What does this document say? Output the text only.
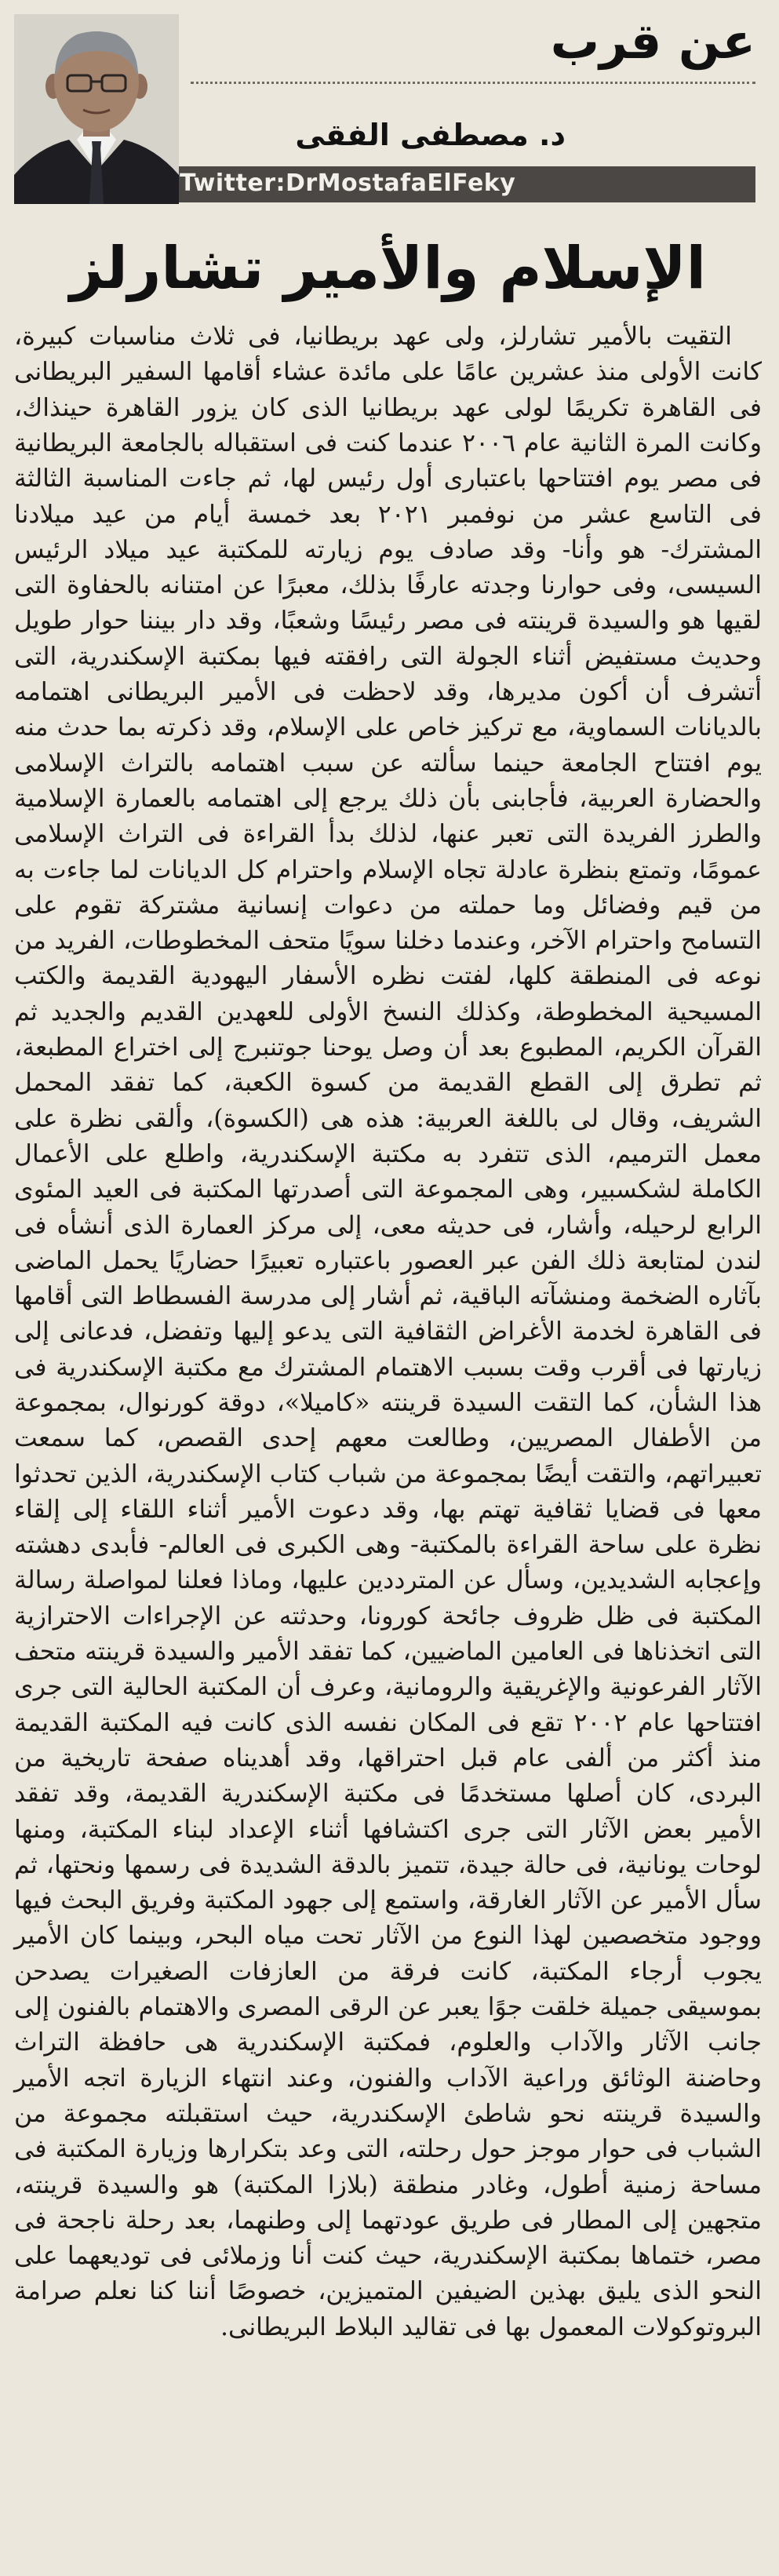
عن قرب
د. مصطفى الفقى
Twitter:DrMostafaElFeky
الإسلام والأمير تشارلز

التقيت بالأمير تشارلز، ولى عهد بريطانيا، فى ثلاث مناسبات كبيرة، كانت الأولى منذ عشرين عامًا على مائدة عشاء أقامها السفير البريطانى فى القاهرة تكريمًا لولى عهد بريطانيا الذى كان يزور القاهرة حينذاك، وكانت المرة الثانية عام ٢٠٠٦ عندما كنت فى استقباله بالجامعة البريطانية فى مصر يوم افتتاحها باعتبارى أول رئيس لها، ثم جاءت المناسبة الثالثة فى التاسع عشر من نوفمبر ٢٠٢١ بعد خمسة أيام من عيد ميلادنا المشترك- هو وأنا- وقد صادف يوم زيارته للمكتبة عيد ميلاد الرئيس السيسى، وفى حوارنا وجدته عارفًا بذلك، معبرًا عن امتنانه بالحفاوة التى لقيها هو والسيدة قرينته فى مصر رئيسًا وشعبًا، وقد دار بيننا حوار طويل وحديث مستفيض أثناء الجولة التى رافقته فيها بمكتبة الإسكندرية، التى أتشرف أن أكون مديرها، وقد لاحظت فى الأمير البريطانى اهتمامه بالديانات السماوية، مع تركيز خاص على الإسلام، وقد ذكرته بما حدث منه يوم افتتاح الجامعة حينما سألته عن سبب اهتمامه بالتراث الإسلامى والحضارة العربية، فأجابنى بأن ذلك يرجع إلى اهتمامه بالعمارة الإسلامية والطرز الفريدة التى تعبر عنها، لذلك بدأ القراءة فى التراث الإسلامى عمومًا، وتمتع بنظرة عادلة تجاه الإسلام واحترام كل الديانات لما جاءت به من قيم وفضائل وما حملته من دعوات إنسانية مشتركة تقوم على التسامح واحترام الآخر، وعندما دخلنا سويًا متحف المخطوطات، الفريد من نوعه فى المنطقة كلها، لفتت نظره الأسفار اليهودية القديمة والكتب المسيحية المخطوطة، وكذلك النسخ الأولى للعهدين القديم والجديد ثم القرآن الكريم، المطبوع بعد أن وصل يوحنا جوتنبرج إلى اختراع المطبعة، ثم تطرق إلى القطع القديمة من كسوة الكعبة، كما تفقد المحمل الشريف، وقال لى باللغة العربية: هذه هى (الكسوة)، وألقى نظرة على معمل الترميم، الذى تتفرد به مكتبة الإسكندرية، واطلع على الأعمال الكاملة لشكسبير، وهى المجموعة التى أصدرتها المكتبة فى العيد المئوى الرابع لرحيله، وأشار، فى حديثه معى، إلى مركز العمارة الذى أنشأه فى لندن لمتابعة ذلك الفن عبر العصور باعتباره تعبيرًا حضاريًا يحمل الماضى بآثاره الضخمة ومنشآته الباقية، ثم أشار إلى مدرسة الفسطاط التى أقامها فى القاهرة لخدمة الأغراض الثقافية التى يدعو إليها وتفضل، فدعانى إلى زيارتها فى أقرب وقت بسبب الاهتمام المشترك مع مكتبة الإسكندرية فى هذا الشأن، كما التقت السيدة قرينته «كاميلا»، دوقة كورنوال، بمجموعة من الأطفال المصريين، وطالعت معهم إحدى القصص، كما سمعت تعبيراتهم، والتقت أيضًا بمجموعة من شباب كتاب الإسكندرية، الذين تحدثوا معها فى قضايا ثقافية تهتم بها، وقد دعوت الأمير أثناء اللقاء إلى إلقاء نظرة على ساحة القراءة بالمكتبة- وهى الكبرى فى العالم- فأبدى دهشته وإعجابه الشديدين، وسأل عن المترددين عليها، وماذا فعلنا لمواصلة رسالة المكتبة فى ظل ظروف جائحة كورونا، وحدثته عن الإجراءات الاحترازية التى اتخذناها فى العامين الماضيين، كما تفقد الأمير والسيدة قرينته متحف الآثار الفرعونية والإغريقية والرومانية، وعرف أن المكتبة الحالية التى جرى افتتاحها عام ٢٠٠٢ تقع فى المكان نفسه الذى كانت فيه المكتبة القديمة منذ أكثر من ألفى عام قبل احتراقها، وقد أهديناه صفحة تاريخية من البردى، كان أصلها مستخدمًا فى مكتبة الإسكندرية القديمة، وقد تفقد الأمير بعض الآثار التى جرى اكتشافها أثناء الإعداد لبناء المكتبة، ومنها لوحات يونانية، فى حالة جيدة، تتميز بالدقة الشديدة فى رسمها ونحتها، ثم سأل الأمير عن الآثار الغارقة، واستمع إلى جهود المكتبة وفريق البحث فيها ووجود متخصصين لهذا النوع من الآثار تحت مياه البحر، وبينما كان الأمير يجوب أرجاء المكتبة، كانت فرقة من العازفات الصغيرات يصدحن بموسيقى جميلة خلقت جوًا يعبر عن الرقى المصرى والاهتمام بالفنون إلى جانب الآثار والآداب والعلوم، فمكتبة الإسكندرية هى حافظة التراث وحاضنة الوثائق وراعية الآداب والفنون، وعند انتهاء الزيارة اتجه الأمير والسيدة قرينته نحو شاطئ الإسكندرية، حيث استقبلته مجموعة من الشباب فى حوار موجز حول رحلته، التى وعد بتكرارها وزيارة المكتبة فى مساحة زمنية أطول، وغادر منطقة (بلازا المكتبة) هو والسيدة قرينته، متجهين إلى المطار فى طريق عودتهما إلى وطنهما، بعد رحلة ناجحة فى مصر، ختماها بمكتبة الإسكندرية، حيث كنت أنا وزملائى فى توديعهما على النحو الذى يليق بهذين الضيفين المتميزين، خصوصًا أننا كنا نعلم صرامة البروتوكولات المعمول بها فى تقاليد البلاط البريطانى.
